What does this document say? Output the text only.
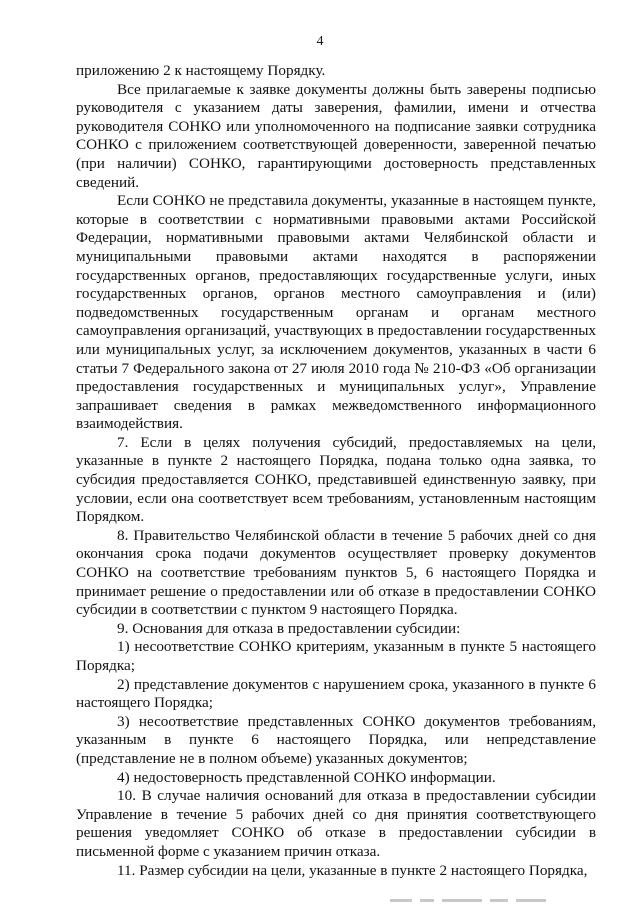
4

приложению 2 к настоящему Порядку.

Все прилагаемые к заявке документы должны быть заверены подписью руководителя с указанием даты заверения, фамилии, имени и отчества руководителя СОНКО или уполномоченного на подписание заявки сотрудника СОНКО с приложением соответствующей доверенности, заверенной печатью (при наличии) СОНКО, гарантирующими достоверность представленных сведений.

Если СОНКО не представила документы, указанные в настоящем пункте, которые в соответствии с нормативными правовыми актами Российской Федерации, нормативными правовыми актами Челябинской области и муниципальными правовыми актами находятся в распоряжении государственных органов, предоставляющих государственные услуги, иных государственных органов, органов местного самоуправления и (или) подведомственных государственным органам и органам местного самоуправления организаций, участвующих в предоставлении государственных или муниципальных услуг, за исключением документов, указанных в части 6 статьи 7 Федерального закона от 27 июля 2010 года № 210-ФЗ «Об организации предоставления государственных и муниципальных услуг», Управление запрашивает сведения в рамках межведомственного информационного взаимодействия.

7. Если в целях получения субсидий, предоставляемых на цели, указанные в пункте 2 настоящего Порядка, подана только одна заявка, то субсидия предоставляется СОНКО, представившей единственную заявку, при условии, если она соответствует всем требованиям, установленным настоящим Порядком.

8. Правительство Челябинской области в течение 5 рабочих дней со дня окончания срока подачи документов осуществляет проверку документов СОНКО на соответствие требованиям пунктов 5, 6 настоящего Порядка и принимает решение о предоставлении или об отказе в предоставлении СОНКО субсидии в соответствии с пунктом 9 настоящего Порядка.

9. Основания для отказа в предоставлении субсидии:

1) несоответствие СОНКО критериям, указанным в пункте 5 настоящего Порядка;

2) представление документов с нарушением срока, указанного в пункте 6 настоящего Порядка;

3) несоответствие представленных СОНКО документов требованиям, указанным в пункте 6 настоящего Порядка, или непредставление (представление не в полном объеме) указанных документов;

4) недостоверность представленной СОНКО информации.

10. В случае наличия оснований для отказа в предоставлении субсидии Управление в течение 5 рабочих дней со дня принятия соответствующего решения уведомляет СОНКО об отказе в предоставлении субсидии в письменной форме с указанием причин отказа.

11. Размер субсидии на цели, указанные в пункте 2 настоящего Порядка,
